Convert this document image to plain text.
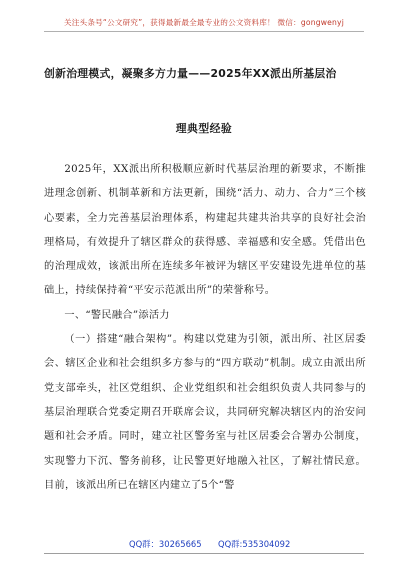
关注头条号“公文研究”，获得最新最全最专业的公文资料库！ 微信：gongwenyj
创新治理模式，凝聚多方力量——2025年XX派出所基层治
理典型经验

2025年，XX派出所积极顺应新时代基层治理的新要求，不断推进理念创新、机制革新和方法更新，围绕“活力、动力、合力”三个核心要素，全力完善基层治理体系，构建起共建共治共享的良好社会治理格局，有效提升了辖区群众的获得感、幸福感和安全感。凭借出色的治理成效，该派出所在连续多年被评为辖区平安建设先进单位的基础上，持续保持着“平安示范派出所”的荣誉称号。

一、“警民融合”添活力

（一）搭建“融合架构”。构建以党建为引领，派出所、社区居委会、辖区企业和社会组织多方参与的“四方联动”机制。成立由派出所党支部牵头，社区党组织、企业党组织和社会组织负责人共同参与的基层治理联合党委定期召开联席会议，共同研究解决辖区内的治安问题和社会矛盾。同时，建立社区警务室与社区居委会合署办公制度，实现警力下沉、警务前移，让民警更好地融入社区，了解社情民意。目前，该派出所已在辖区内建立了5个“警

QQ群：30265665 QQ群:535304092
